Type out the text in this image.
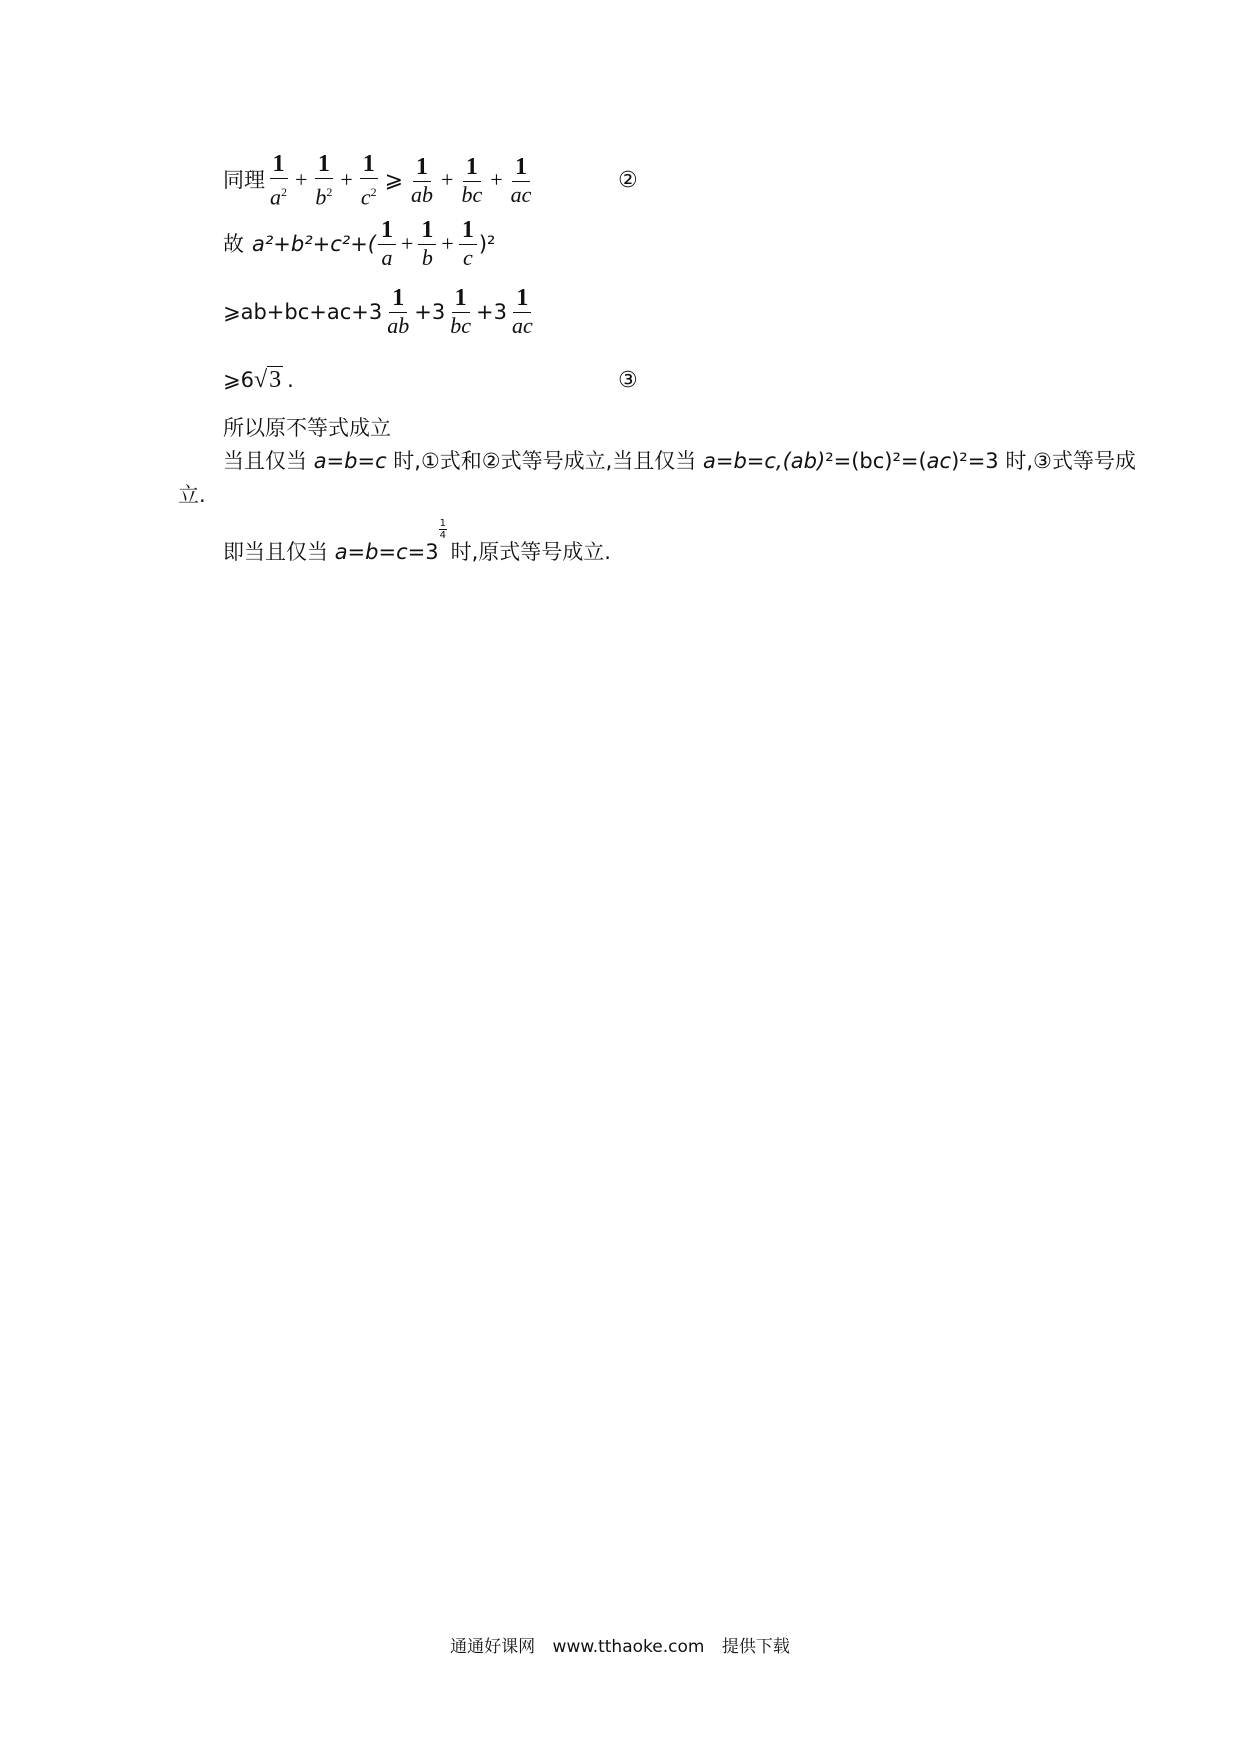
同理 $\frac{1}{a^2} + \frac{1}{b^2} + \frac{1}{c^2}$ ⩾ $\frac{1}{ab} + \frac{1}{bc} + \frac{1}{ac}$	②
故 $a^2+b^2+c^2+( \frac{1}{a} + \frac{1}{b} + \frac{1}{c} )^2$
⩾ab+bc+ac+3 $\frac{1}{ab} +3 \frac{1}{bc} +3 \frac{1}{ac}$
⩾6 √ 3 .	③
所以原不等式成立
当且仅当 a=b=c 时,①式和②式等号成立,当且仅当 a=b=c,(ab)²=(bc)²=(ac)²=3 时,③式等号成
立.
即当且仅当 a=b=c=3
1
4
时,原式等号成立.
通通好课网 www.tthaoke.com 提供下载
